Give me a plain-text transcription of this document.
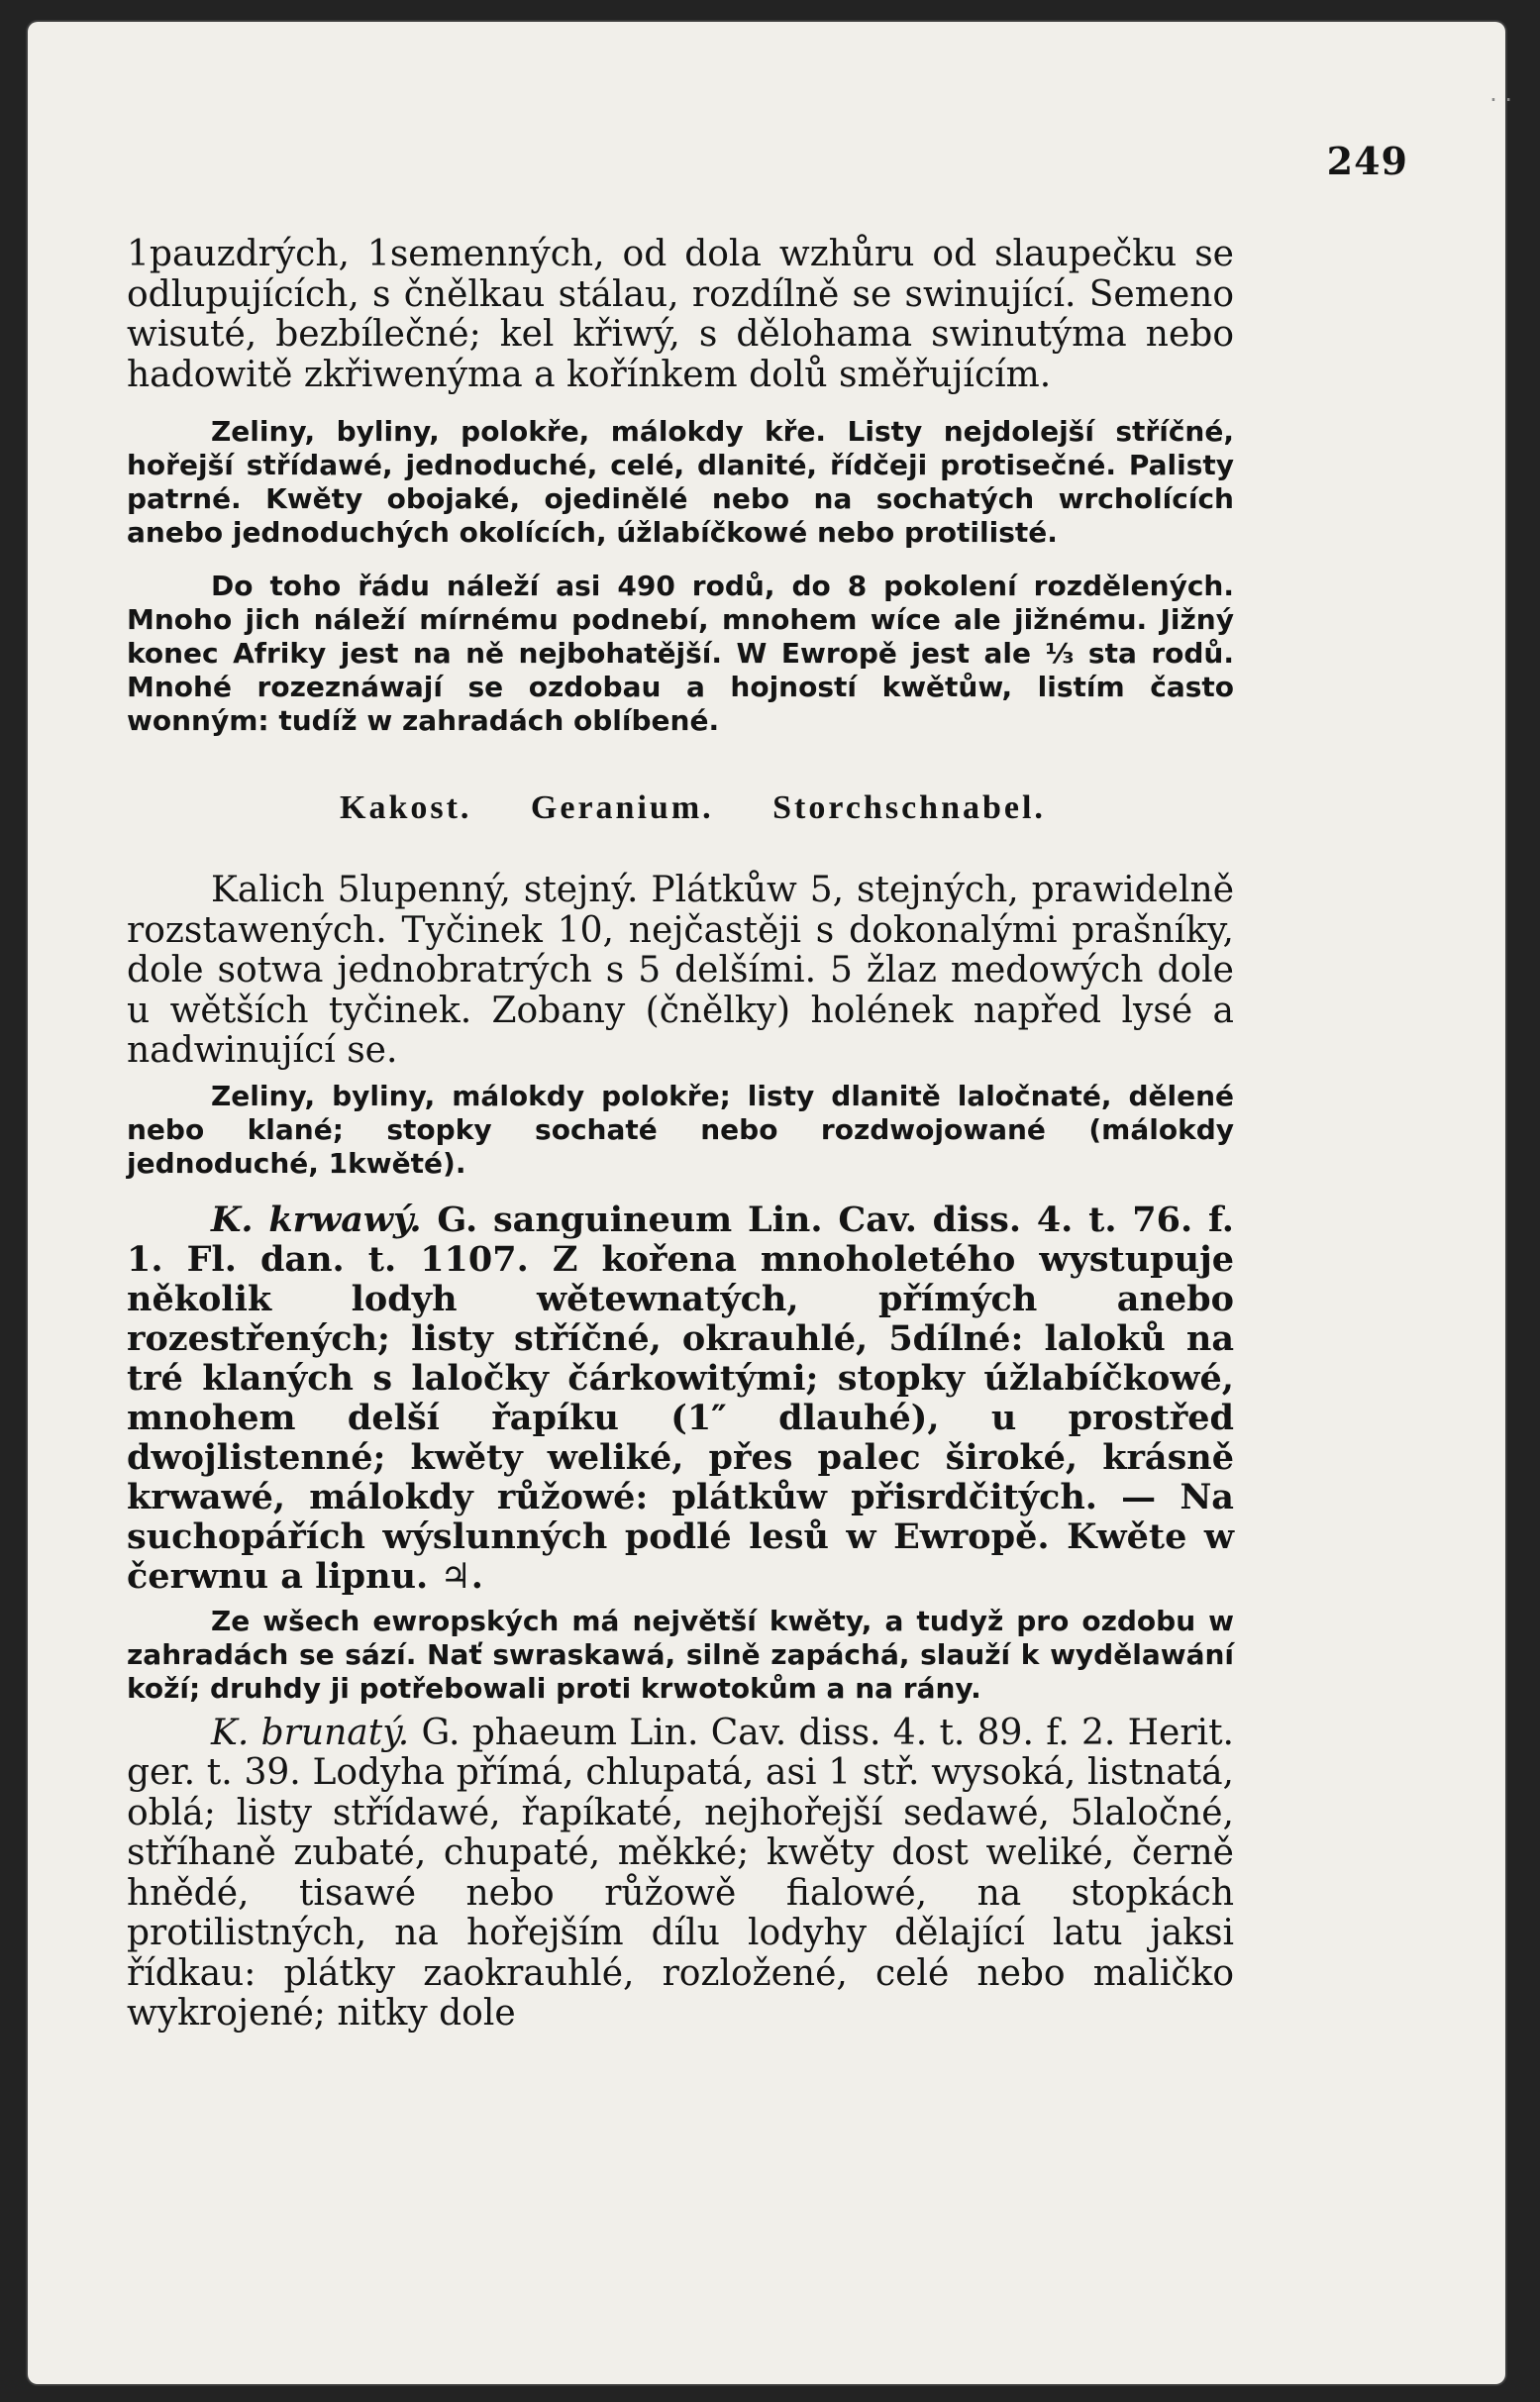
249

1pauzdrých, 1semenných, od dola wzhůru od slaupečku se odlupujících, s čnělkau stálau, rozdílně se swinující. Semeno wisuté, bezbílečné; kel křiwý, s dělohama swinutýma nebo hadowitě zkřiwenýma a kořínkem dolů směřujícím.

Zeliny, byliny, polokře, málokdy kře. Listy nejdolejší stříčné, hořejší střídawé, jednoduché, celé, dlanité, řídčeji protisečné. Palisty patrné. Kwěty obojaké, ojedinělé nebo na sochatých wrcholících anebo jednoduchých okolících, úžlabíčkowé nebo protilisté.

Do toho řádu náleží asi 490 rodů, do 8 pokolení rozdělených. Mnoho jich náleží mírnému podnebí, mnohem wíce ale jižnému. Jižný konec Afriky jest na ně nejbohatější. W Ewropě jest ale ⅓ sta rodů. Mnohé rozeznáwají se ozdobau a hojností kwětůw, listím často wonným: tudíž w zahradách oblíbené.

Kakost. Geranium. Storchschnabel.

Kalich 5lupenný, stejný. Plátkůw 5, stejných, prawidelně rozstawených. Tyčinek 10, nejčastěji s dokonalými prašníky, dole sotwa jednobratrých s 5 delšími. 5 žlaz medowých dole u wětších tyčinek. Zobany (čnělky) holének napřed lysé a nadwinující se.

Zeliny, byliny, málokdy polokře; listy dlanitě laločnaté, dělené nebo klané; stopky sochaté nebo rozdwojowané (málokdy jednoduché, 1kwěté).

K. krwawý. G. sanguineum Lin. Cav. diss. 4. t. 76. f. 1. Fl. dan. t. 1107. Z kořena mnoholetého wystupuje několik lodyh wětewnatých, přímých anebo rozestřených; listy stříčné, okrauhlé, 5dílné: laloků na tré klaných s laločky čárkowitými; stopky úžlabíčkowé, mnohem delší řapíku (1″ dlauhé), u prostřed dwojlistenné; kwěty weliké, přes palec široké, krásně krwawé, málokdy růžowé: plátkůw přisrdčitých. — Na suchopářích wýslunných podlé lesů w Ewropě. Kwěte w čerwnu a lipnu. ♃.

Ze wšech ewropských má největší kwěty, a tudyž pro ozdobu w zahradách se sází. Nať swraskawá, silně zapáchá, slauží k wydělawání koží; druhdy ji potřebowali proti krwotokům a na rány.

K. brunatý. G. phaeum Lin. Cav. diss. 4. t. 89. f. 2. Herit. ger. t. 39. Lodyha přímá, chlupatá, asi 1 stř. wysoká, listnatá, oblá; listy střídawé, řapíkaté, nejhořejší sedawé, 5laločné, stříhaně zubaté, chupaté, měkké; kwěty dost weliké, černě hnědé, tisawé nebo růžowě fialowé, na stopkách protilistných, na hořejším dílu lodyhy dělající latu jaksi řídkau: plátky zaokrauhlé, rozložené, celé nebo maličko wykrojené; nitky dole

· ·
